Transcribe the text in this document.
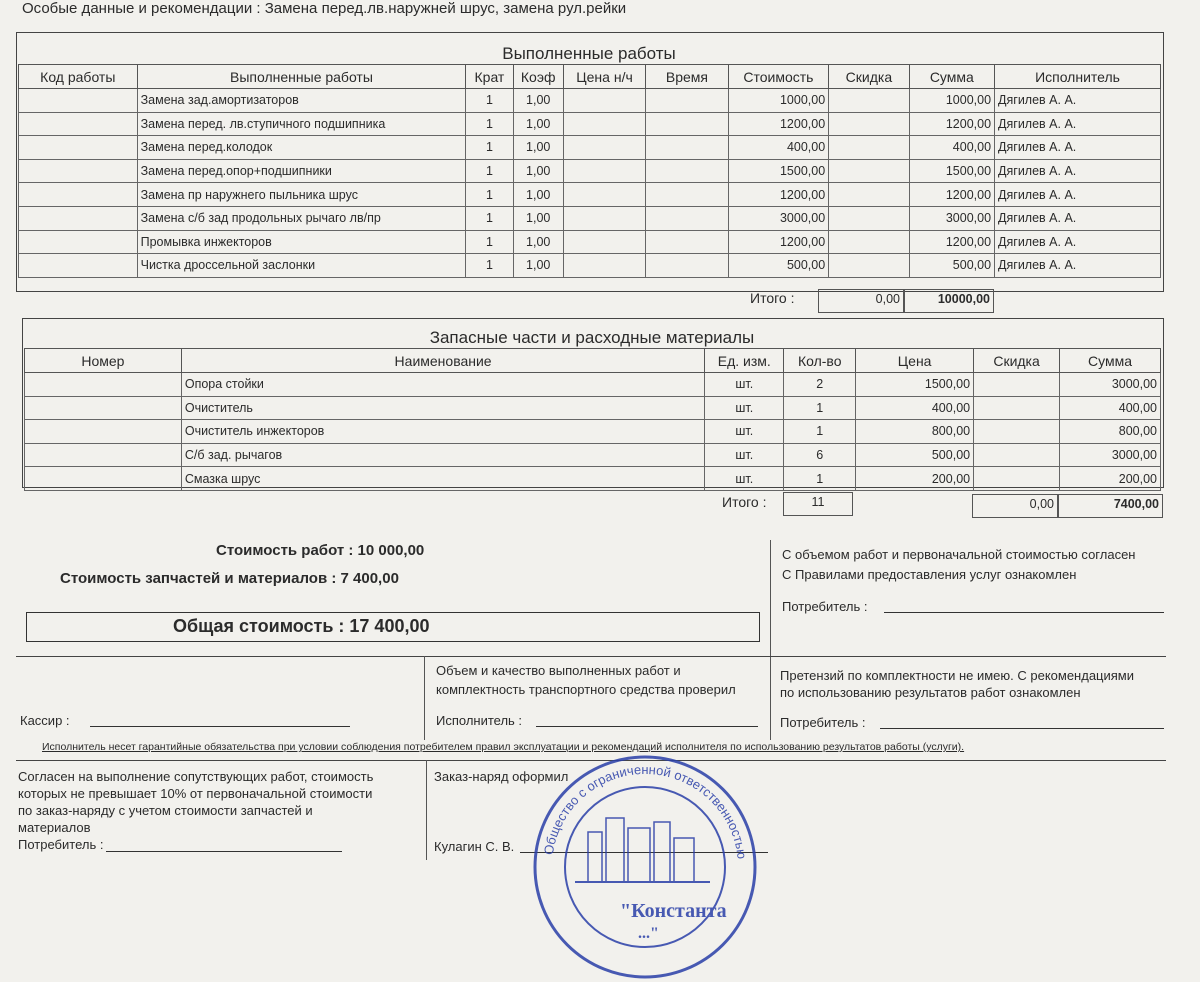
Особые данные и рекомендации : Замена перед.лв.наружней шрус, замена рул.рейки
Выполненные работы
Код работы	Выполненные работы	Крат	Коэф	Цена н/ч	Время	Стоимость	Скидка	Сумма	Исполнитель
	Замена зад.амортизаторов	1	1,00			1000,00		1000,00	Дягилев А. А.
	Замена перед. лв.ступичного подшипника	1	1,00			1200,00		1200,00	Дягилев А. А.
	Замена перед.колодок	1	1,00			400,00		400,00	Дягилев А. А.
	Замена перед.опор+подшипники	1	1,00			1500,00		1500,00	Дягилев А. А.
	Замена пр наружнего пыльника шрус	1	1,00			1200,00		1200,00	Дягилев А. А.
	Замена с/б зад продольных рычаго лв/пр	1	1,00			3000,00		3000,00	Дягилев А. А.
	Промывка инжекторов	1	1,00			1200,00		1200,00	Дягилев А. А.
	Чистка дроссельной заслонки	1	1,00			500,00		500,00	Дягилев А. А.
Итого :	0,00	10000,00
Запасные части и расходные материалы
Номер	Наименование	Ед. изм.	Кол-во	Цена	Скидка	Сумма
	Опора стойки	шт.	2	1500,00		3000,00
	Очиститель	шт.	1	400,00		400,00
	Очиститель инжекторов	шт.	1	800,00		800,00
	С/б зад. рычагов	шт.	6	500,00		3000,00
	Смазка шрус	шт.	1	200,00		200,00
Итого :	11	0,00	7400,00
Стоимость работ : 10 000,00
Стоимость запчастей и материалов : 7 400,00
Общая стоимость : 17 400,00
С объемом работ и первоначальной стоимостью согласен
С Правилами предоставления услуг ознакомлен
Потребитель :
Кассир :
Объем и качество выполненных работ и
комплектность транспортного средства проверил
Исполнитель :
Претензий по комплектности не имею. С рекомендациями
по использованию результатов работ ознакомлен
Потребитель :
Исполнитель несет гарантийные обязательства при условии соблюдения потребителем правил эксплуатации и рекомендаций исполнителя по использованию результатов работы (услуги).
Согласен на выполнение сопутствующих работ, стоимость
которых не превышает 10% от первоначальной стоимости
по заказ-наряду с учетом стоимости запчастей и
материалов
Потребитель :
Заказ-наряд оформил
Кулагин С. В. Общество с ограниченной ответственностью
"Константа
..."
